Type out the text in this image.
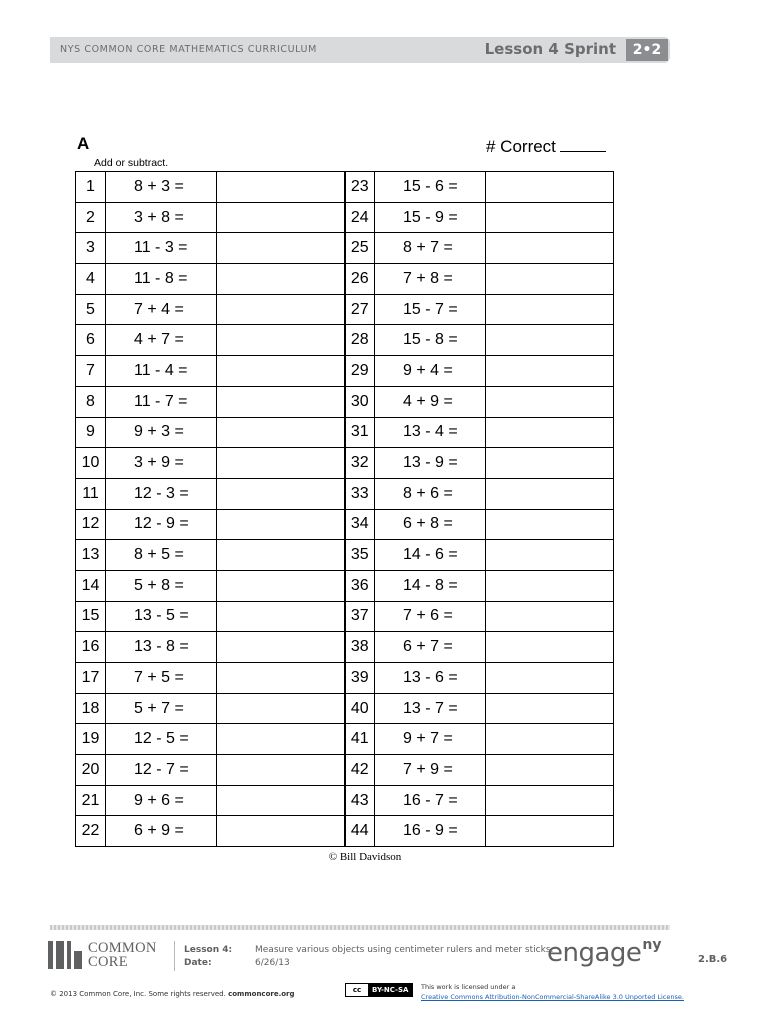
NYS COMMON CORE MATHEMATICS CURRICULUM	Lesson 4 Sprint	2•2
A
Add or subtract.
# Correct
1	8 + 3 =		23	15 - 6 =	
2	3 + 8 =		24	15 - 9 =	
3	11 - 3 =		25	8 + 7 =	
4	11 - 8 =		26	7 + 8 =	
5	7 + 4 =		27	15 - 7 =	
6	4 + 7 =		28	15 - 8 =	
7	11 - 4 =		29	9 + 4 =	
8	11 - 7 =		30	4 + 9 =	
9	9 + 3 =		31	13 - 4 =	
10	3 + 9 =		32	13 - 9 =	
11	12 - 3 =		33	8 + 6 =	
12	12 - 9 =		34	6 + 8 =	
13	8 + 5 =		35	14 - 6 =	
14	5 + 8 =		36	14 - 8 =	
15	13 - 5 =		37	7 + 6 =	
16	13 - 8 =		38	6 + 7 =	
17	7 + 5 =		39	13 - 6 =	
18	5 + 7 =		40	13 - 7 =	
19	12 - 5 =		41	9 + 7 =	
20	12 - 7 =		42	7 + 9 =	
21	9 + 6 =		43	16 - 7 =	
22	6 + 9 =		44	16 - 9 =	
© Bill Davidson
COMMON
CORE
Lesson 4:
Date:
Measure various objects using centimeter rulers and meter sticks.
6/26/13	engageny
2.B.6
© 2013 Common Core, Inc. Some rights reserved. commoncore.org	cc	BY-NC-SA	This work is licensed under a
Creative Commons Attribution-NonCommercial-ShareAlike 3.0 Unported License.
